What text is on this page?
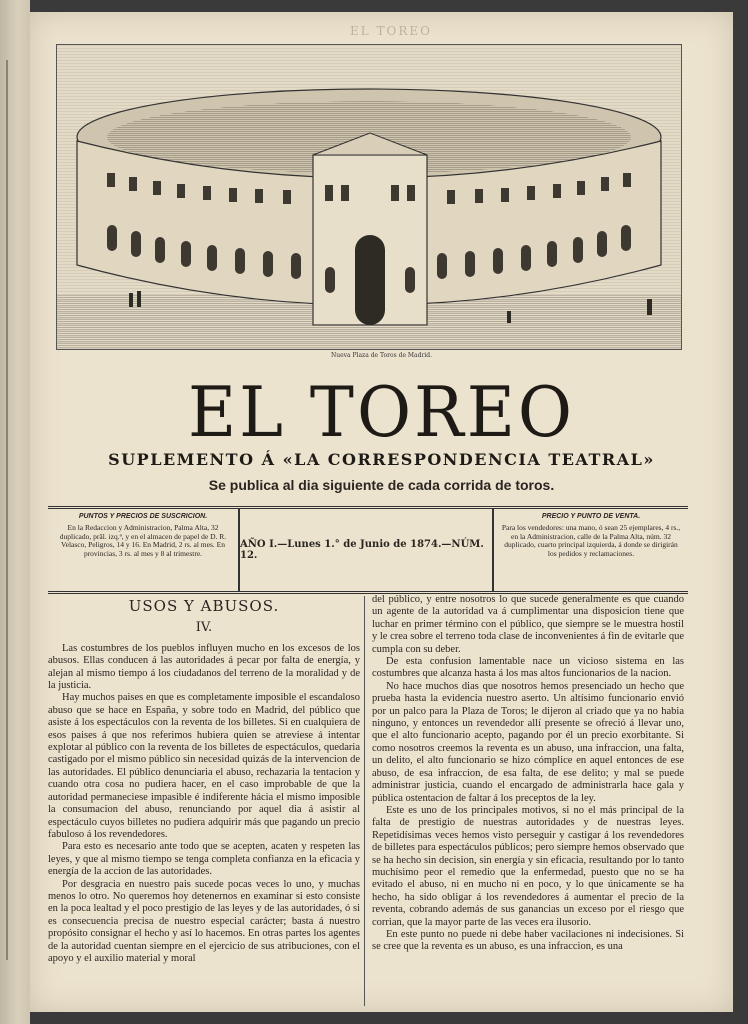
EL TOREO
Nueva Plaza de Toros de Madrid.
EL TOREO
SUPLEMENTO Á «LA CORRESPONDENCIA TEATRAL»
Se publica al dia siguiente de cada corrida de toros.
PUNTOS Y PRECIOS DE SUSCRICION.
En la Redaccion y Administracion, Palma Alta, 32 duplicado, prāl. izq.ª, y en el almacen de papel de D. R. Velasco, Peligros, 14 y 16. En Madrid, 2 rs. al mes. En provincias, 3 rs. al mes y 8 al trimestre.
AÑO I.—Lunes 1.° de Junio de 1874.—NÚM. 12.
PRECIO Y PUNTO DE VENTA.
Para los vendedores: una mano, ó sean 25 ejemplares, 4 rs., en la Administracion, calle de la Palma Alta, núm. 32 duplicado, cuarto principal izquierda, á donde se dirigirán los pedidos y reclamaciones.
USOS Y ABUSOS.
IV.

Las costumbres de los pueblos influyen mucho en los excesos de los abusos. Ellas conducen á las autoridades á pecar por falta de energía, y alejan al mismo tiempo á los ciudadanos del terreno de la moralidad y de la justicia.

Hay muchos paises en que es completamente imposible el escandaloso abuso que se hace en España, y sobre todo en Madrid, del público que asiste á los espectáculos con la reventa de los billetes. Si en cualquiera de esos paises á que nos referimos hubiera quien se atreviese á intentar explotar al público con la reventa de los billetes de espectáculos, quedaria castigado por el mismo público sin necesidad quizás de la intervencion de las autoridades. El público denunciaria el abuso, rechazaria la tentacion y cuando otra cosa no pudiera hacer, en el caso improbable de que la autoridad permaneciese impasible é indiferente hácia el mismo imposible la consumacion del abuso, renunciando por aquel dia á asistir al espectáculo cuyos billetes no pudiera adquirir más que pagando un precio fabuloso á los revendedores.

Para esto es necesario ante todo que se acepten, acaten y respeten las leyes, y que al mismo tiempo se tenga completa confianza en la eficacia y energía de la accion de las autoridades.

Por desgracia en nuestro pais sucede pocas veces lo uno, y muchas menos lo otro. No queremos hoy detenernos en examinar si esto consiste en la poca lealtad y el poco prestigio de las leyes y de las autoridades, ó si es consecuencia precisa de nuestro especial carácter; basta á nuestro propósito consignar el hecho y así lo hacemos. En otras partes los agentes de la autoridad cuentan siempre en el ejercicio de sus atribuciones, con el apoyo y el auxilio material y moral

del público, y entre nosotros lo que sucede generalmente es que cuando un agente de la autoridad va á cumplimentar una disposicion tiene que luchar en primer término con el público, que siempre se le muestra hostil y le crea sobre el terreno toda clase de inconvenientes á fin de evitarle que cumpla con su deber.

De esta confusion lamentable nace un vicioso sistema en las costumbres que alcanza hasta á los mas altos funcionarios de la nacion.

No hace muchos dias que nosotros hemos presenciado un hecho que prueba hasta la evidencia nuestro aserto. Un altísimo funcionario envió por un palco para la Plaza de Toros; le dijeron al criado que ya no habia ninguno, y entonces un revendedor allí presente se ofreció á llevar uno, que el alto funcionario acepto, pagando por él un precio exorbitante. Si como nosotros creemos la reventa es un abuso, una infraccion, una falta, un delito, el alto funcionario se hizo cómplice en aquel entonces de ese abuso, de esa infraccion, de esa falta, de ese delito; y mal se puede administrar justicia, cuando el encargado de administrarla hace gala y pública ostentacion de faltar á los preceptos de la ley.

Este es uno de los principales motivos, si no el más principal de la falta de prestigio de nuestras autoridades y de nuestras leyes. Repetidísimas veces hemos visto perseguir y castigar á los revendedores de billetes para espectáculos públicos; pero siempre hemos observado que se ha hecho sin decision, sin energía y sin eficacia, resultando por lo tanto muchísimo peor el remedio que la enfermedad, puesto que no se ha evitado el abuso, ni en mucho ni en poco, y lo que únicamente se ha hecho, ha sido obligar á los revendedores á aumentar el precio de la reventa, cobrando además de sus ganancias un exceso por el riesgo que corrian, que la mayor parte de las veces era ilusorio.

En este punto no puede ni debe haber vacilaciones ni indecisiones. Si se cree que la reventa es un abuso, es una infraccion, es una
